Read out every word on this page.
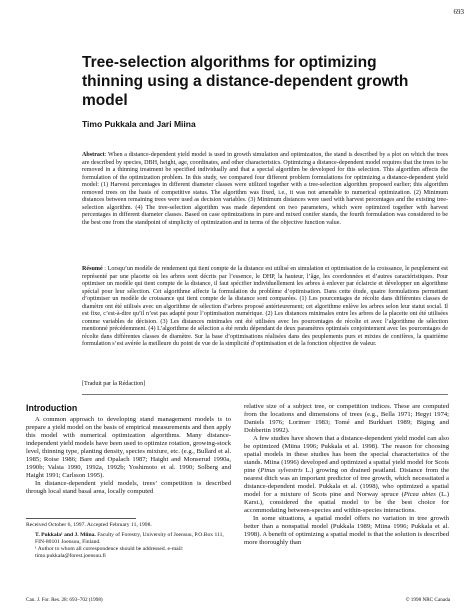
693
Tree-selection algorithms for optimizing thinning using a distance-dependent growth model
Timo Pukkala and Jari Miina
Abstract: When a distance-dependent yield model is used in growth simulation and optimization, the stand is described by a plot on which the trees are described by species, DBH, height, age, coordinates, and other characteristics. Optimizing a distance-dependent model requires that the trees to be removed in a thinning treatment be specified individually and that a special algorithm be developed for this selection. This algorithm affects the formulation of the optimization problem. In this study, we compared four different problem formulations for optimizing a distance-dependent yield model: (1) Harvest percentages in different diameter classes were utilized together with a tree-selection algorithm proposed earlier; this algorithm removed trees on the basis of competitive status. The algorithm was fixed, i.e., it was not amenable to numerical optimization. (2) Minimum distances between remaining trees were used as decision variables. (3) Minimum distances were used with harvest percentages and the existing tree-selection algorithm. (4) The tree-selection algorithm was made dependent on two parameters, which were optimized together with harvest percentages in different diameter classes. Based on case optimizations in pure and mixed conifer stands, the fourth formulation was considered to be the best one from the standpoint of simplicity of optimization and in terms of the objective function value.
Résumé : Lorsqu’un modèle de rendement qui tient compte de la distance est utilisé en simulation et optimisation de la croissance, le peuplement est représenté par une placette où les arbres sont décrits par l’essence, le DHP, la hauteur, l’âge, les coordonnées et d’autres caractéristiques. Pour optimiser un modèle qui tient compte de la distance, il faut spécifier individuellement les arbres à enlever par éclaircie et développer un algorithme spécial pour leur sélection. Cet algorithme affecte la formulation du problème d’optimisation. Dans cette étude, quatre formulations permettant d’optimiser un modèle de croissance qui tient compte de la distance sont comparées. (1) Les pourcentages de récolte dans différentes classes de diamètre ont été utilisés avec un algorithme de sélection d’arbres proposé antérieurement; cet algorithme enlève les arbres selon leur statut social. Il est fixe, c’est-à-dire qu’il n’est pas adapté pour l’optimisation numérique. (2) Les distances minimales entre les arbres de la placette ont été utilisées comme variables de décision. (3) Les distances minimales ont été utilisées avec les pourcentages de récolte et avec l’algorithme de sélection mentionné précédemment. (4) L’algorithme de sélection a été rendu dépendant de deux paramètres optimisés conjointement avec les pourcentages de récolte dans différentes classes de diamètre. Sur la base d’optimisations réalisées dans des peuplements purs et mixtes de conifères, la quatrième formulation s’est avérée la meilleure du point de vue de la simplicité d’optimisation et de la fonction objective de valeur.
[Traduit par la Rédaction]
Introduction

A common approach to developing stand management models is to prepare a yield model on the basis of empirical measurements and then apply this model with numerical optimization algorithms. Many distance-independent yield models have been used to optimize rotation, growing-stock level, thinning type, planting density, species mixture, etc. (e.g., Bullard et al. 1985; Roise 1986; Bare and Opalach 1987; Haight and Monserud 1990a, 1990b; Valsta 1990, 1992a, 1992b; Yoshimoto et al. 1990; Solberg and Haight 1991; Carlsson 1995).

In distance-dependent yield models, trees’ competition is described through local stand basal area, locally computed

relative size of a subject tree, or competition indices. These are computed from the locations and dimensions of trees (e.g., Bella 1971; Hegyi 1974; Daniels 1976; Lorimer 1983; Tomé and Burkhart 1989; Biging and Dobbertin 1992).

A few studies have shown that a distance-dependent yield model can also be optimized (Miina 1996; Pukkala et al. 1998). The reason for choosing spatial models in these studies has been the special characteristics of the stands. Miina (1996) developed and optimized a spatial yield model for Scots pine (Pinus sylvestris L.) growing on drained peatland. Distance from the nearest ditch was an important predictor of tree growth, which necessitated a distance-dependent model. Pukkala et al. (1998), who optimized a spatial model for a mixture of Scots pine and Norway spruce (Picea abies (L.) Karst.), considered the spatial model to be the best choice for accommodating between-species and within-species interactions.

In some situations, a spatial model offers no variation in tree growth better than a nonspatial model (Pukkala 1989; Miina 1996; Pukkala et al. 1998). A benefit of optimizing a spatial model is that the solution is described more thoroughly than

Received October 6, 1997. Accepted February 11, 1998.

T. Pukkala¹ and J. Miina. Faculty of Forestry, University of Joensuu, P.O.Box 111, FIN-80101 Joensuu, Finland.

¹ Author to whom all correspondence should be addressed. e-mail: timo.pukkala@forest.joensuu.fi

Can. J. For. Res. 28: 693–702 (1998)	© 1998 NRC Canada
